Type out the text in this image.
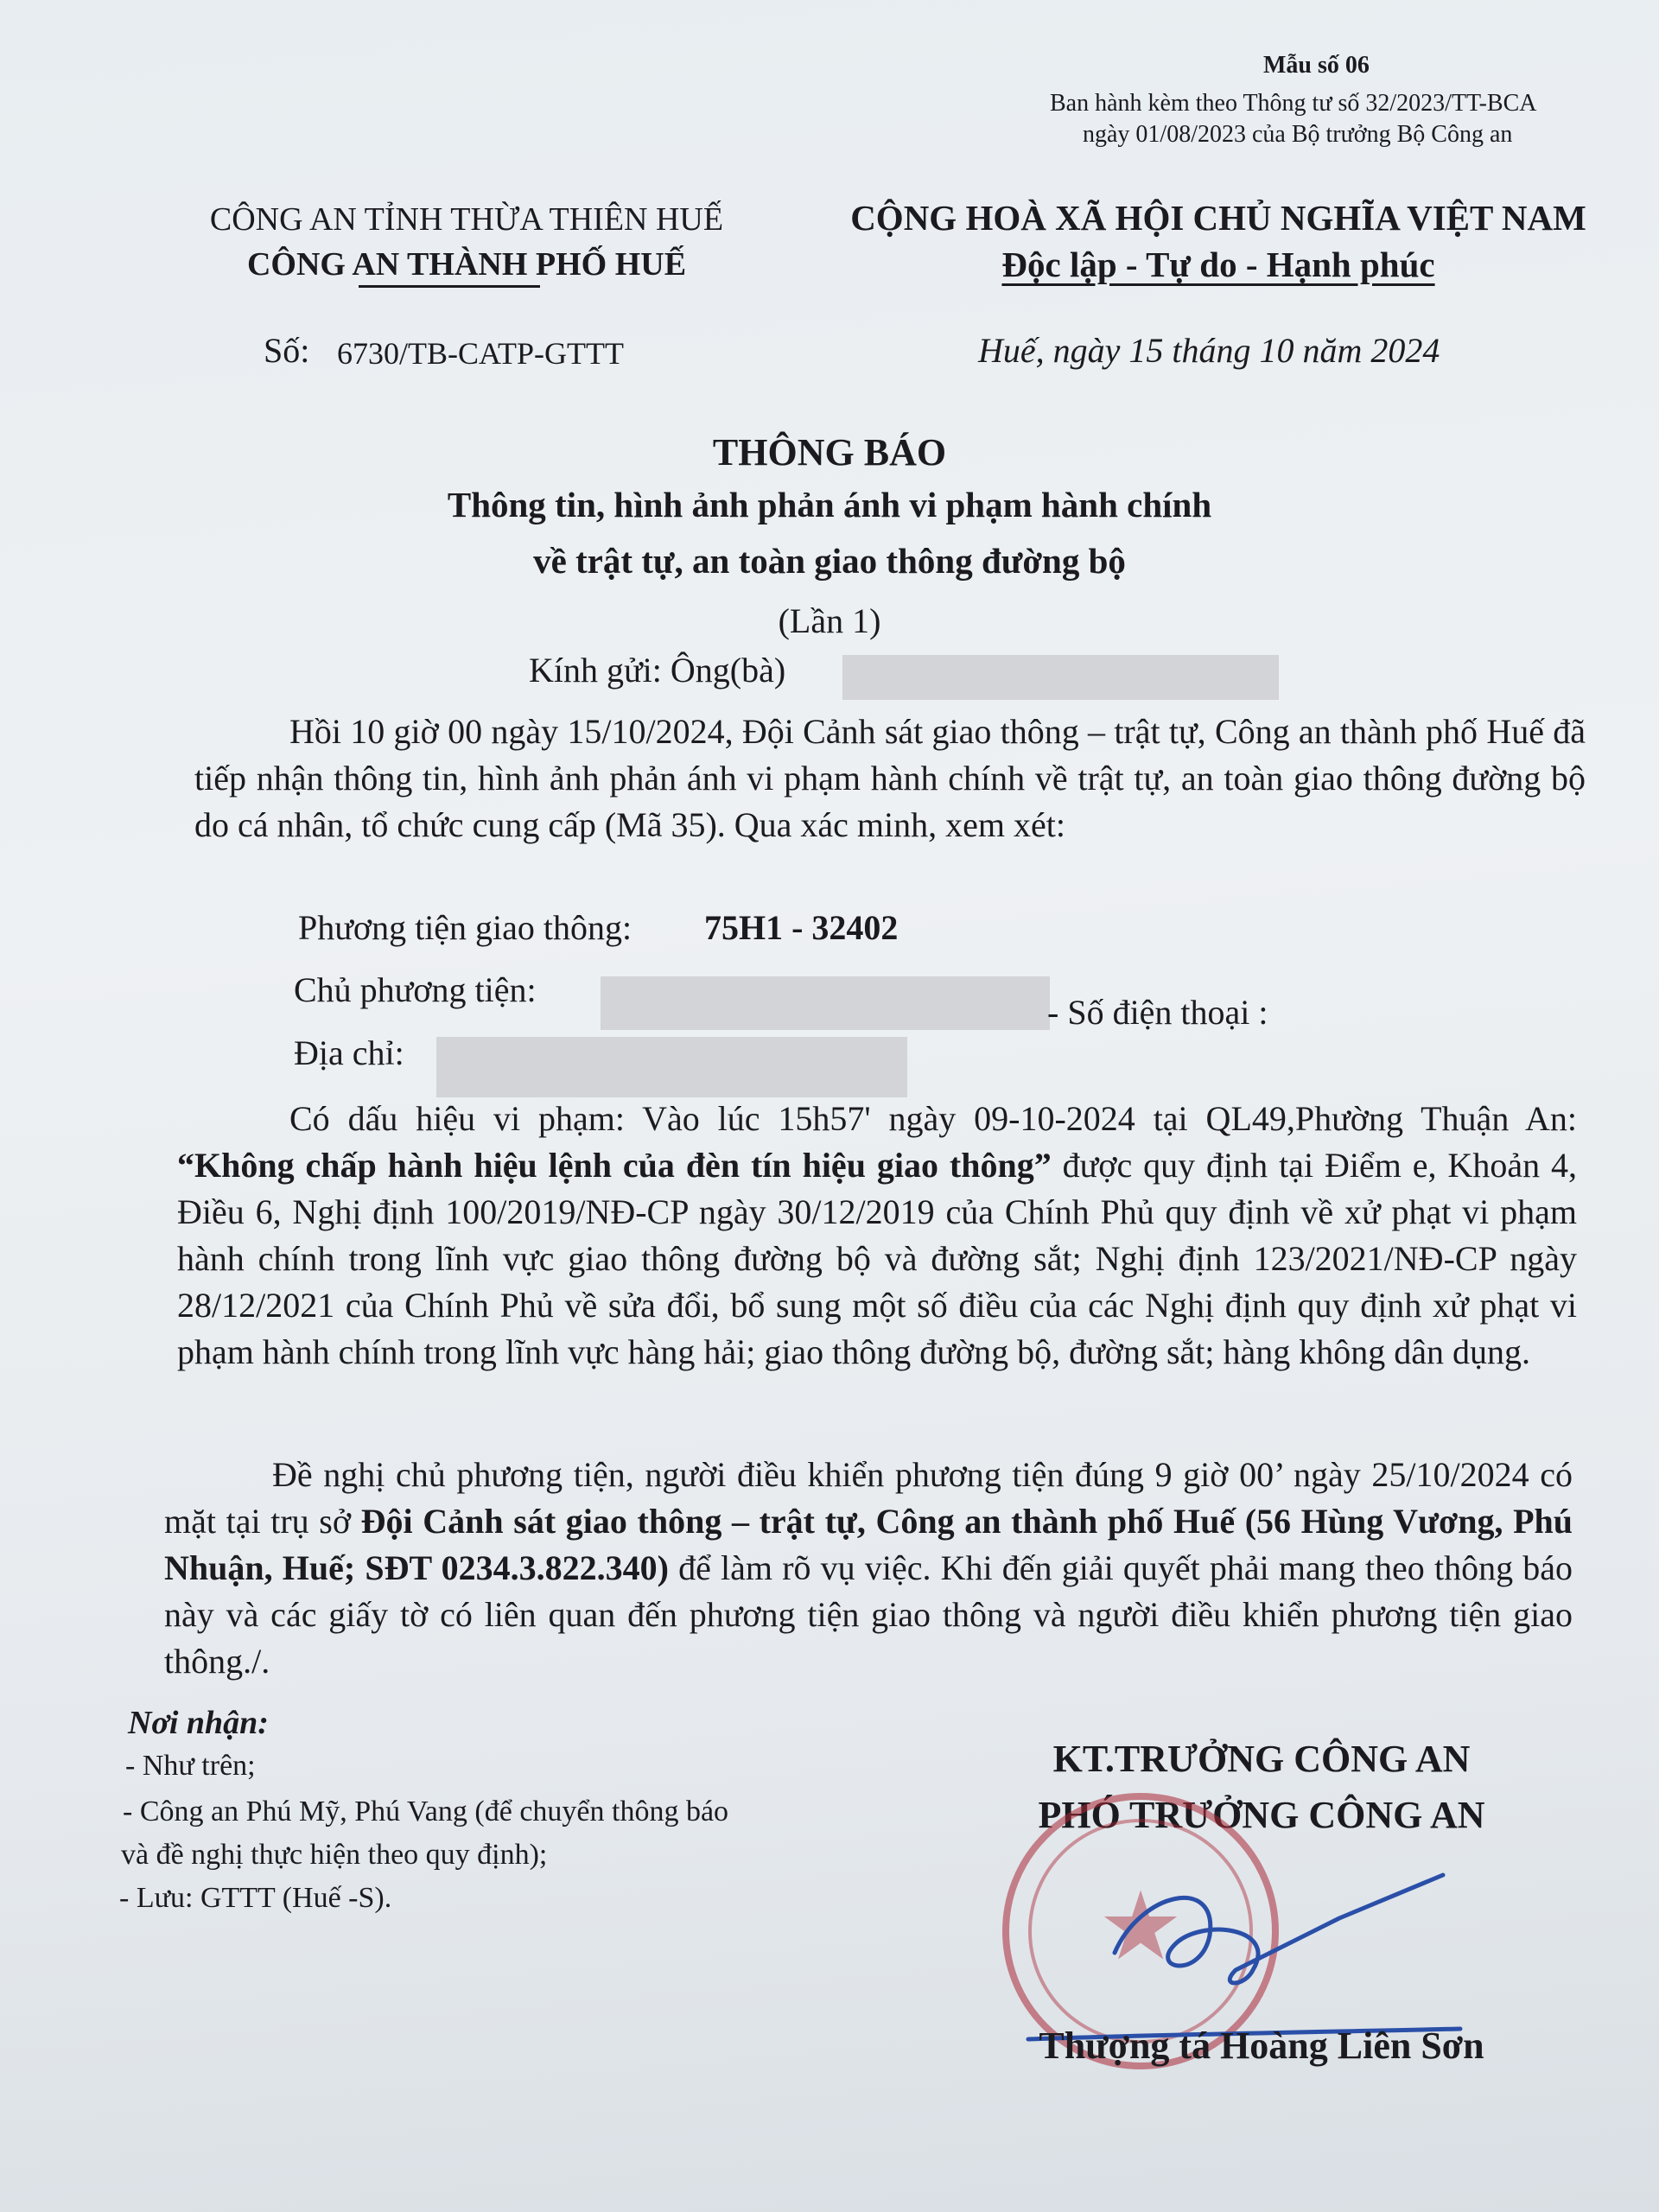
Mẫu số 06
Ban hành kèm theo Thông tư số 32/2023/TT-BCA
ngày 01/08/2023 của Bộ trưởng Bộ Công an
CÔNG AN TỈNH THỪA THIÊN HUẾ
CÔNG AN THÀNH PHỐ HUẾ
CỘNG HOÀ XÃ HỘI CHỦ NGHĨA VIỆT NAM
Độc lập - Tự do - Hạnh phúc
Số: 6730/TB-CATP-GTTT	Huế, ngày 15 tháng 10 năm 2024
THÔNG BÁO
Thông tin, hình ảnh phản ánh vi phạm hành chính
về trật tự, an toàn giao thông đường bộ
(Lần 1)
Kính gửi: Ông(bà)
Hồi 10 giờ 00 ngày 15/10/2024, Đội Cảnh sát giao thông – trật tự, Công an thành phố Huế đã tiếp nhận thông tin, hình ảnh phản ánh vi phạm hành chính về trật tự, an toàn giao thông đường bộ do cá nhân, tổ chức cung cấp (Mã 35). Qua xác minh, xem xét:
Phương tiện giao thông: 75H1 - 32402
Chủ phương tiện:
- Số điện thoại :
Địa chỉ:
Có dấu hiệu vi phạm: Vào lúc 15h57' ngày 09-10-2024 tại QL49,Phường Thuận An: “Không chấp hành hiệu lệnh của đèn tín hiệu giao thông” được quy định tại Điểm e, Khoản 4, Điều 6, Nghị định 100/2019/NĐ-CP ngày 30/12/2019 của Chính Phủ quy định về xử phạt vi phạm hành chính trong lĩnh vực giao thông đường bộ và đường sắt; Nghị định 123/2021/NĐ-CP ngày 28/12/2021 của Chính Phủ về sửa đổi, bổ sung một số điều của các Nghị định quy định xử phạt vi phạm hành chính trong lĩnh vực hàng hải; giao thông đường bộ, đường sắt; hàng không dân dụng.
Đề nghị chủ phương tiện, người điều khiển phương tiện đúng 9 giờ 00’ ngày 25/10/2024 có mặt tại trụ sở Đội Cảnh sát giao thông – trật tự, Công an thành phố Huế (56 Hùng Vương, Phú Nhuận, Huế; SĐT 0234.3.822.340) để làm rõ vụ việc. Khi đến giải quyết phải mang theo thông báo này và các giấy tờ có liên quan đến phương tiện giao thông và người điều khiển phương tiện giao thông./.
Nơi nhận:
- Như trên;
- Công an Phú Mỹ, Phú Vang (để chuyển thông báo
và đề nghị thực hiện theo quy định);
- Lưu: GTTT (Huế -S).
KT.TRƯỞNG CÔNG AN
PHÓ TRƯỞNG CÔNG AN
★
Thượng tá Hoàng Liên Sơn
